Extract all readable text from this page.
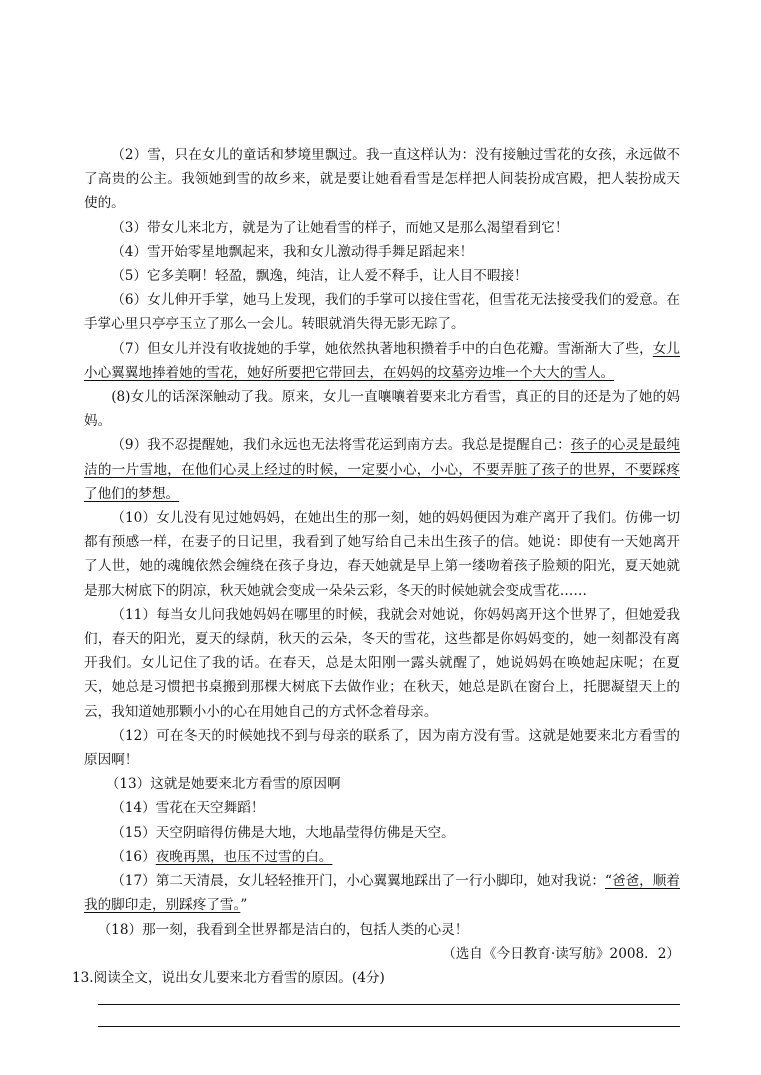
（2）雪，只在女儿的童话和梦境里飘过。我一直这样认为：没有接触过雪花的女孩，永远做不了高贵的公主。我领她到雪的故乡来，就是要让她看看雪是怎样把人间装扮成宫殿，把人装扮成天使的。

（3）带女儿来北方，就是为了让她看雪的样子，而她又是那么渴望看到它！

（4）雪开始零星地飘起来，我和女儿激动得手舞足蹈起来！

（5）它多美啊！轻盈，飘逸，纯洁，让人爱不释手，让人目不暇接！

（6）女儿伸开手掌，她马上发现，我们的手掌可以接住雪花，但雪花无法接受我们的爱意。在手掌心里只亭亭玉立了那么一会儿。转眼就消失得无影无踪了。

（7）但女儿并没有收拢她的手掌，她依然执著地积攒着手中的白色花瓣。雪渐渐大了些，女儿小心翼翼地捧着她的雪花，她好所要把它带回去，在妈妈的坟墓旁边堆一个大大的雪人。

(8)女儿的话深深触动了我。原来，女儿一直嚷嚷着要来北方看雪，真正的目的还是为了她的妈妈。

（9）我不忍提醒她，我们永远也无法将雪花运到南方去。我总是提醒自己：孩子的心灵是最纯洁的一片雪地，在他们心灵上经过的时候，一定要小心，小心，不要弄脏了孩子的世界，不要踩疼了他们的梦想。

（10）女儿没有见过她妈妈，在她出生的那一刻，她的妈妈便因为难产离开了我们。仿佛一切都有预感一样，在妻子的日记里，我看到了她写给自己未出生孩子的信。她说：即使有一天她离开了人世，她的魂魄依然会缠绕在孩子身边，春天她就是早上第一缕吻着孩子脸颊的阳光，夏天她就是那大树底下的阴凉，秋天她就会变成一朵朵云彩，冬天的时候她就会变成雪花……

（11）每当女儿问我她妈妈在哪里的时候，我就会对她说，你妈妈离开这个世界了，但她爱我们，春天的阳光，夏天的绿荫，秋天的云朵，冬天的雪花，这些都是你妈妈变的，她一刻都没有离开我们。女儿记住了我的话。在春天，总是太阳刚一露头就醒了，她说妈妈在唤她起床呢；在夏天，她总是习惯把书桌搬到那棵大树底下去做作业；在秋天，她总是趴在窗台上，托腮凝望天上的云，我知道她那颗小小的心在用她自己的方式怀念着母亲。

（12）可在冬天的时候她找不到与母亲的联系了，因为南方没有雪。这就是她要来北方看雪的原因啊！

（13）这就是她要来北方看雪的原因啊

（14）雪花在天空舞蹈！

（15）天空阴暗得仿佛是大地，大地晶莹得仿佛是天空。

（16）夜晚再黑，也压不过雪的白。

（17）第二天清晨，女儿轻轻推开门，小心翼翼地踩出了一行小脚印，她对我说：“爸爸，顺着我的脚印走，别踩疼了雪。”

（18）那一刻，我看到全世界都是洁白的，包括人类的心灵！

（选自《今日教育·读写舫》2008．2）

13.阅读全文，说出女儿要来北方看雪的原因。(4分)
